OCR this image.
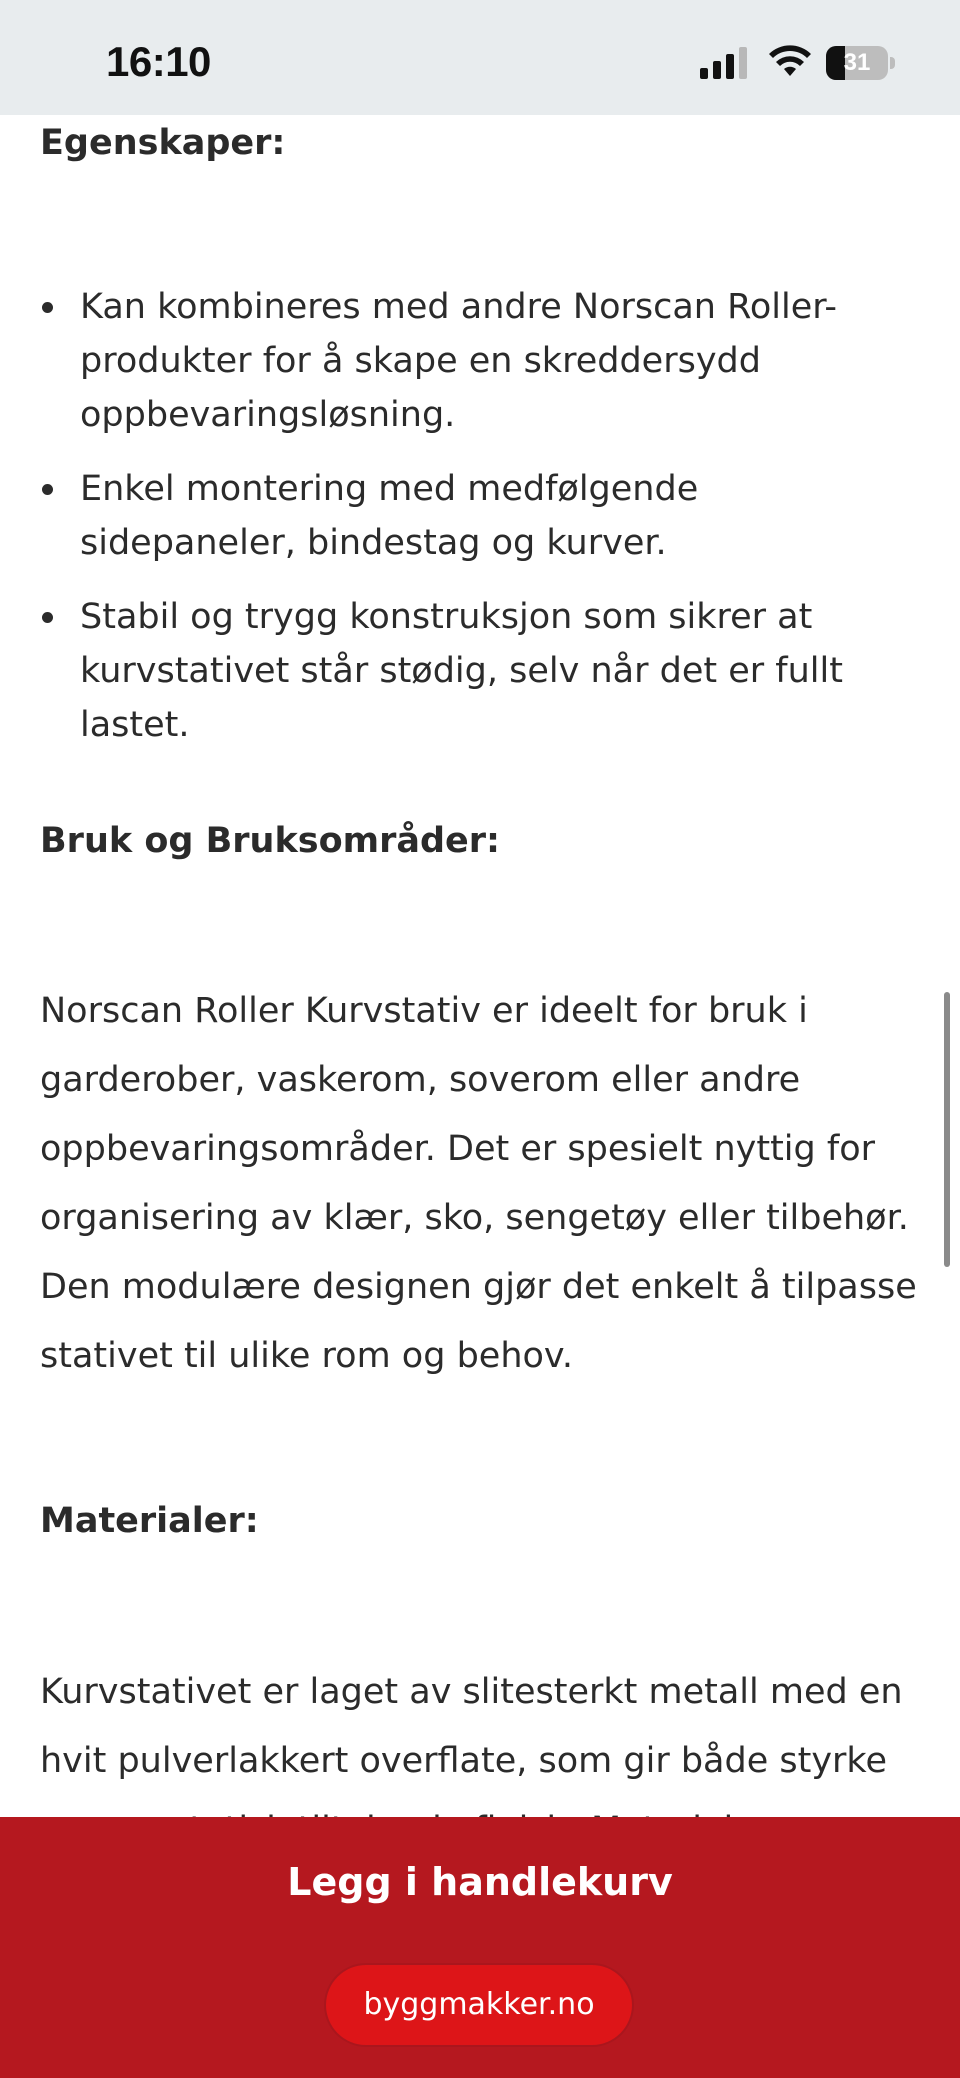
16:10	31
Egenskaper:
Kan kombineres med andre Norscan Roller-produkter for å skape en skreddersydd oppbevaringsløsning.
Enkel montering med medfølgende sidepaneler, bindestag og kurver.
Stabil og trygg konstruksjon som sikrer at kurvstativet står stødig, selv når det er fullt lastet.
Bruk og Bruksområder:

Norscan Roller Kurvstativ er ideelt for bruk i garderober, vaskerom, soverom eller andre oppbevaringsområder. Det er spesielt nyttig for organisering av klær, sko, sengetøy eller tilbehør. Den modulære designen gjør det enkelt å tilpasse stativet til ulike rom og behov.

Materialer:

Kurvstativet er laget av slitesterkt metall med en hvit pulverlakkert overflate, som gir både styrke

Legg i handlekurv
byggmakker.no
